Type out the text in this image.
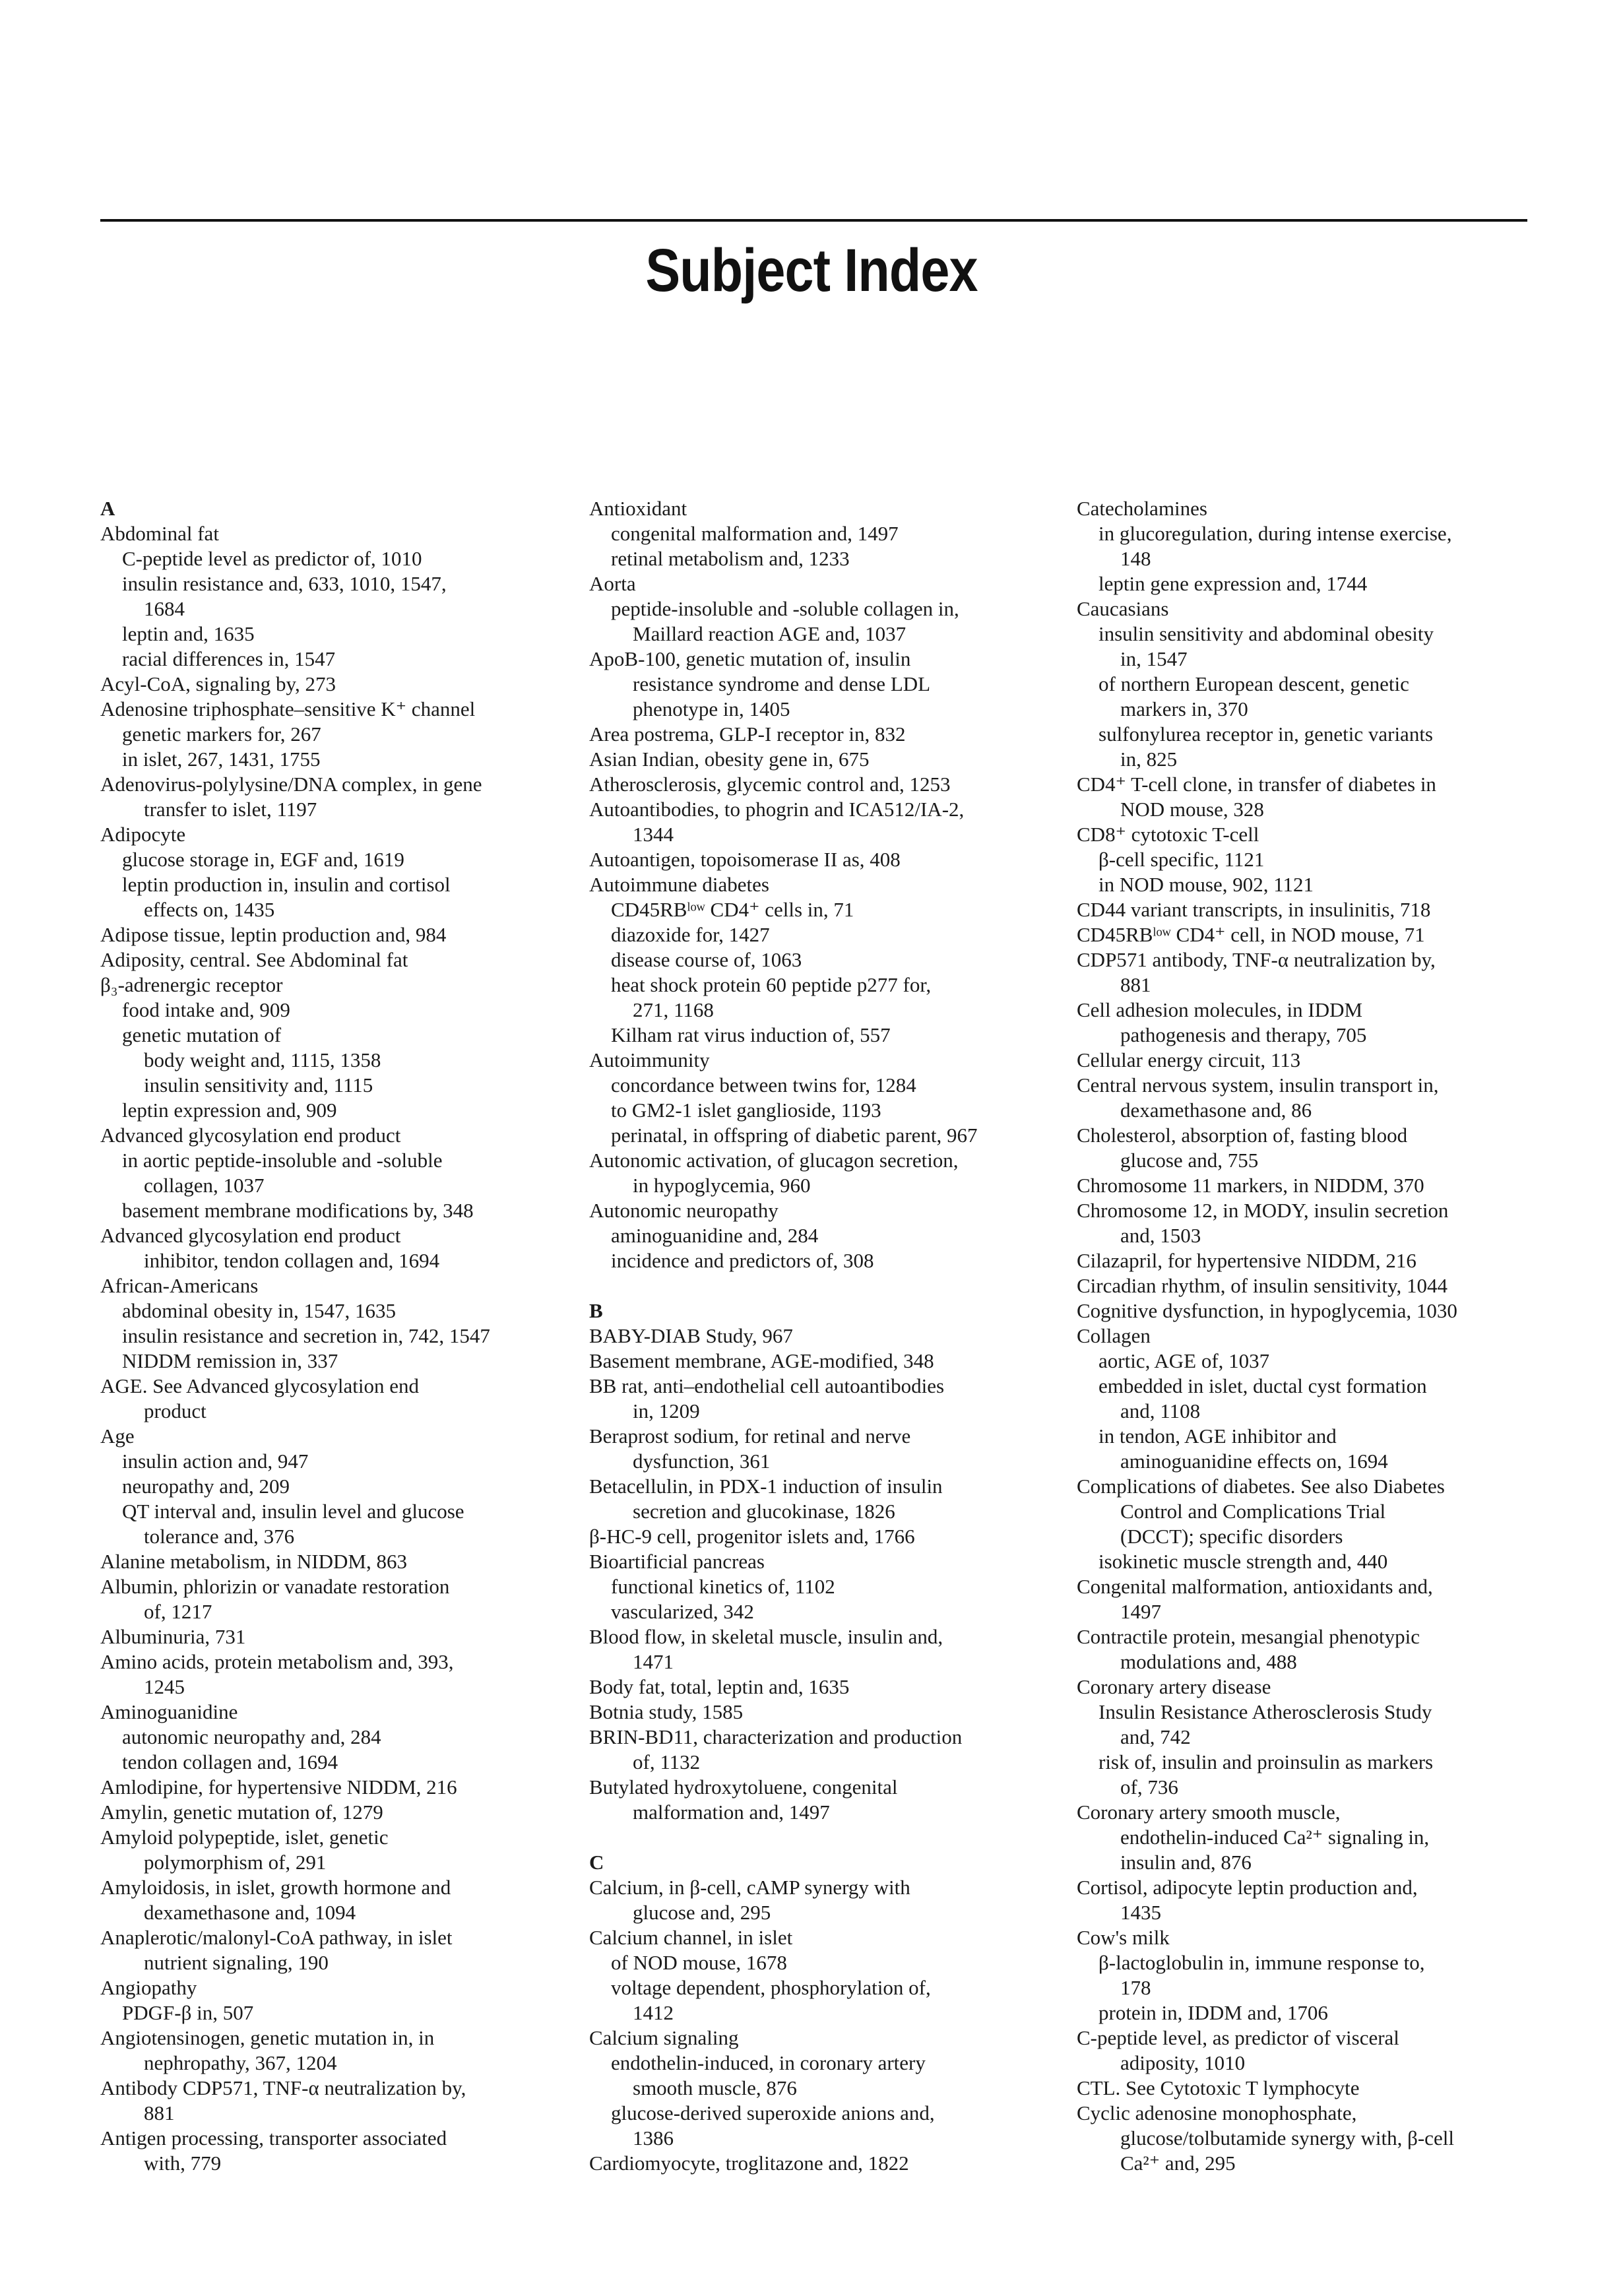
Subject Index
A
Abdominal fat
C-peptide level as predictor of, 1010
insulin resistance and, 633, 1010, 1547,
1684
leptin and, 1635
racial differences in, 1547
Acyl-CoA, signaling by, 273
Adenosine triphosphate–sensitive K⁺ channel
genetic markers for, 267
in islet, 267, 1431, 1755
Adenovirus-polylysine/DNA complex, in gene
transfer to islet, 1197
Adipocyte
glucose storage in, EGF and, 1619
leptin production in, insulin and cortisol
effects on, 1435
Adipose tissue, leptin production and, 984
Adiposity, central. See Abdominal fat
β₃-adrenergic receptor
food intake and, 909
genetic mutation of
body weight and, 1115, 1358
insulin sensitivity and, 1115
leptin expression and, 909
Advanced glycosylation end product
in aortic peptide-insoluble and -soluble
collagen, 1037
basement membrane modifications by, 348
Advanced glycosylation end product
inhibitor, tendon collagen and, 1694
African-Americans
abdominal obesity in, 1547, 1635
insulin resistance and secretion in, 742, 1547
NIDDM remission in, 337
AGE. See Advanced glycosylation end
product
Age
insulin action and, 947
neuropathy and, 209
QT interval and, insulin level and glucose
tolerance and, 376
Alanine metabolism, in NIDDM, 863
Albumin, phlorizin or vanadate restoration
of, 1217
Albuminuria, 731
Amino acids, protein metabolism and, 393,
1245
Aminoguanidine
autonomic neuropathy and, 284
tendon collagen and, 1694
Amlodipine, for hypertensive NIDDM, 216
Amylin, genetic mutation of, 1279
Amyloid polypeptide, islet, genetic
polymorphism of, 291
Amyloidosis, in islet, growth hormone and
dexamethasone and, 1094
Anaplerotic/malonyl-CoA pathway, in islet
nutrient signaling, 190
Angiopathy
PDGF-β in, 507
Angiotensinogen, genetic mutation in, in
nephropathy, 367, 1204
Antibody CDP571, TNF-α neutralization by,
881
Antigen processing, transporter associated
with, 779
Antioxidant
congenital malformation and, 1497
retinal metabolism and, 1233
Aorta
peptide-insoluble and -soluble collagen in,
Maillard reaction AGE and, 1037
ApoB-100, genetic mutation of, insulin
resistance syndrome and dense LDL
phenotype in, 1405
Area postrema, GLP-I receptor in, 832
Asian Indian, obesity gene in, 675
Atherosclerosis, glycemic control and, 1253
Autoantibodies, to phogrin and ICA512/IA-2,
1344
Autoantigen, topoisomerase II as, 408
Autoimmune diabetes
CD45RBˡᵒʷ CD4⁺ cells in, 71
diazoxide for, 1427
disease course of, 1063
heat shock protein 60 peptide p277 for,
271, 1168
Kilham rat virus induction of, 557
Autoimmunity
concordance between twins for, 1284
to GM2-1 islet ganglioside, 1193
perinatal, in offspring of diabetic parent, 967
Autonomic activation, of glucagon secretion,
in hypoglycemia, 960
Autonomic neuropathy
aminoguanidine and, 284
incidence and predictors of, 308
B
BABY-DIAB Study, 967
Basement membrane, AGE-modified, 348
BB rat, anti–endothelial cell autoantibodies
in, 1209
Beraprost sodium, for retinal and nerve
dysfunction, 361
Betacellulin, in PDX-1 induction of insulin
secretion and glucokinase, 1826
β-HC-9 cell, progenitor islets and, 1766
Bioartificial pancreas
functional kinetics of, 1102
vascularized, 342
Blood flow, in skeletal muscle, insulin and,
1471
Body fat, total, leptin and, 1635
Botnia study, 1585
BRIN-BD11, characterization and production
of, 1132
Butylated hydroxytoluene, congenital
malformation and, 1497
C
Calcium, in β-cell, cAMP synergy with
glucose and, 295
Calcium channel, in islet
of NOD mouse, 1678
voltage dependent, phosphorylation of,
1412
Calcium signaling
endothelin-induced, in coronary artery
smooth muscle, 876
glucose-derived superoxide anions and,
1386
Cardiomyocyte, troglitazone and, 1822
Catecholamines
in glucoregulation, during intense exercise,
148
leptin gene expression and, 1744
Caucasians
insulin sensitivity and abdominal obesity
in, 1547
of northern European descent, genetic
markers in, 370
sulfonylurea receptor in, genetic variants
in, 825
CD4⁺ T-cell clone, in transfer of diabetes in
NOD mouse, 328
CD8⁺ cytotoxic T-cell
β-cell specific, 1121
in NOD mouse, 902, 1121
CD44 variant transcripts, in insulinitis, 718
CD45RBˡᵒʷ CD4⁺ cell, in NOD mouse, 71
CDP571 antibody, TNF-α neutralization by,
881
Cell adhesion molecules, in IDDM
pathogenesis and therapy, 705
Cellular energy circuit, 113
Central nervous system, insulin transport in,
dexamethasone and, 86
Cholesterol, absorption of, fasting blood
glucose and, 755
Chromosome 11 markers, in NIDDM, 370
Chromosome 12, in MODY, insulin secretion
and, 1503
Cilazapril, for hypertensive NIDDM, 216
Circadian rhythm, of insulin sensitivity, 1044
Cognitive dysfunction, in hypoglycemia, 1030
Collagen
aortic, AGE of, 1037
embedded in islet, ductal cyst formation
and, 1108
in tendon, AGE inhibitor and
aminoguanidine effects on, 1694
Complications of diabetes. See also Diabetes
Control and Complications Trial
(DCCT); specific disorders
isokinetic muscle strength and, 440
Congenital malformation, antioxidants and,
1497
Contractile protein, mesangial phenotypic
modulations and, 488
Coronary artery disease
Insulin Resistance Atherosclerosis Study
and, 742
risk of, insulin and proinsulin as markers
of, 736
Coronary artery smooth muscle,
endothelin-induced Ca²⁺ signaling in,
insulin and, 876
Cortisol, adipocyte leptin production and,
1435
Cow's milk
β-lactoglobulin in, immune response to,
178
protein in, IDDM and, 1706
C-peptide level, as predictor of visceral
adiposity, 1010
CTL. See Cytotoxic T lymphocyte
Cyclic adenosine monophosphate,
glucose/tolbutamide synergy with, β-cell
Ca²⁺ and, 295
